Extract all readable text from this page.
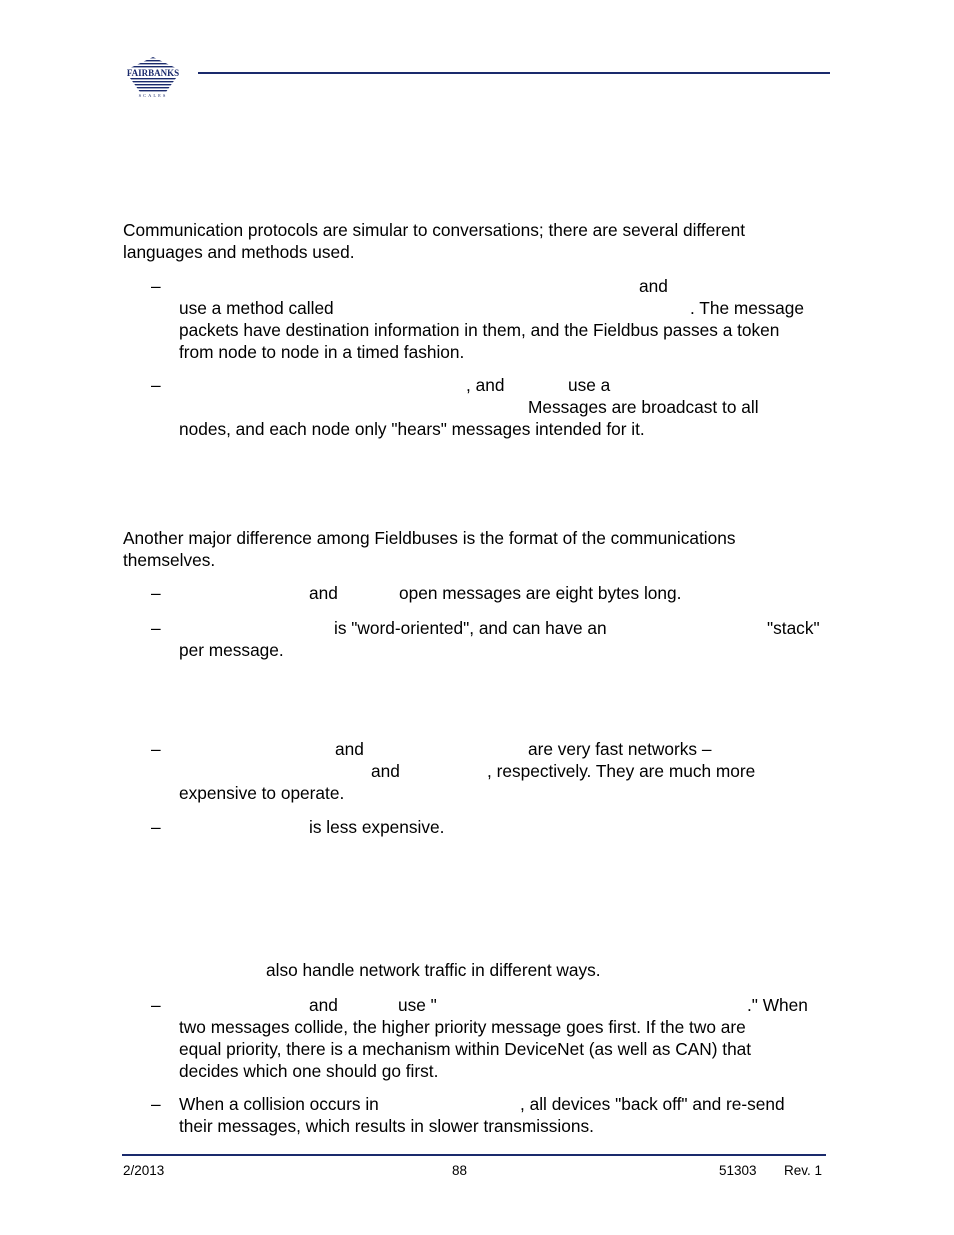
FAIRBANKS
SCALES
Communication protocols are simular to conversations; there are several different
languages and methods used.
–	and
use a method called	. The message
packets have destination information in them, and the Fieldbus passes a token
from node to node in a timed fashion.
–	, and	use a
Messages are broadcast to all
nodes, and each node only "hears" messages intended for it.
Another major difference among Fieldbuses is the format of the communications
themselves.
–	and	open messages are eight bytes long.
–	is "word-oriented", and can have an	"stack"
per message.
–	and	are very fast networks –
and	, respectively. They are much more
expensive to operate.
–	is less expensive.
also handle network traffic in different ways.
–	and	use "	." When
two messages collide, the higher priority message goes first. If the two are
equal priority, there is a mechanism within DeviceNet (as well as CAN) that
decides which one should go first.
– When a collision occurs in	, all devices "back off" and re-send
their messages, which results in slower transmissions.
2/2013	88	51303 Rev. 1
